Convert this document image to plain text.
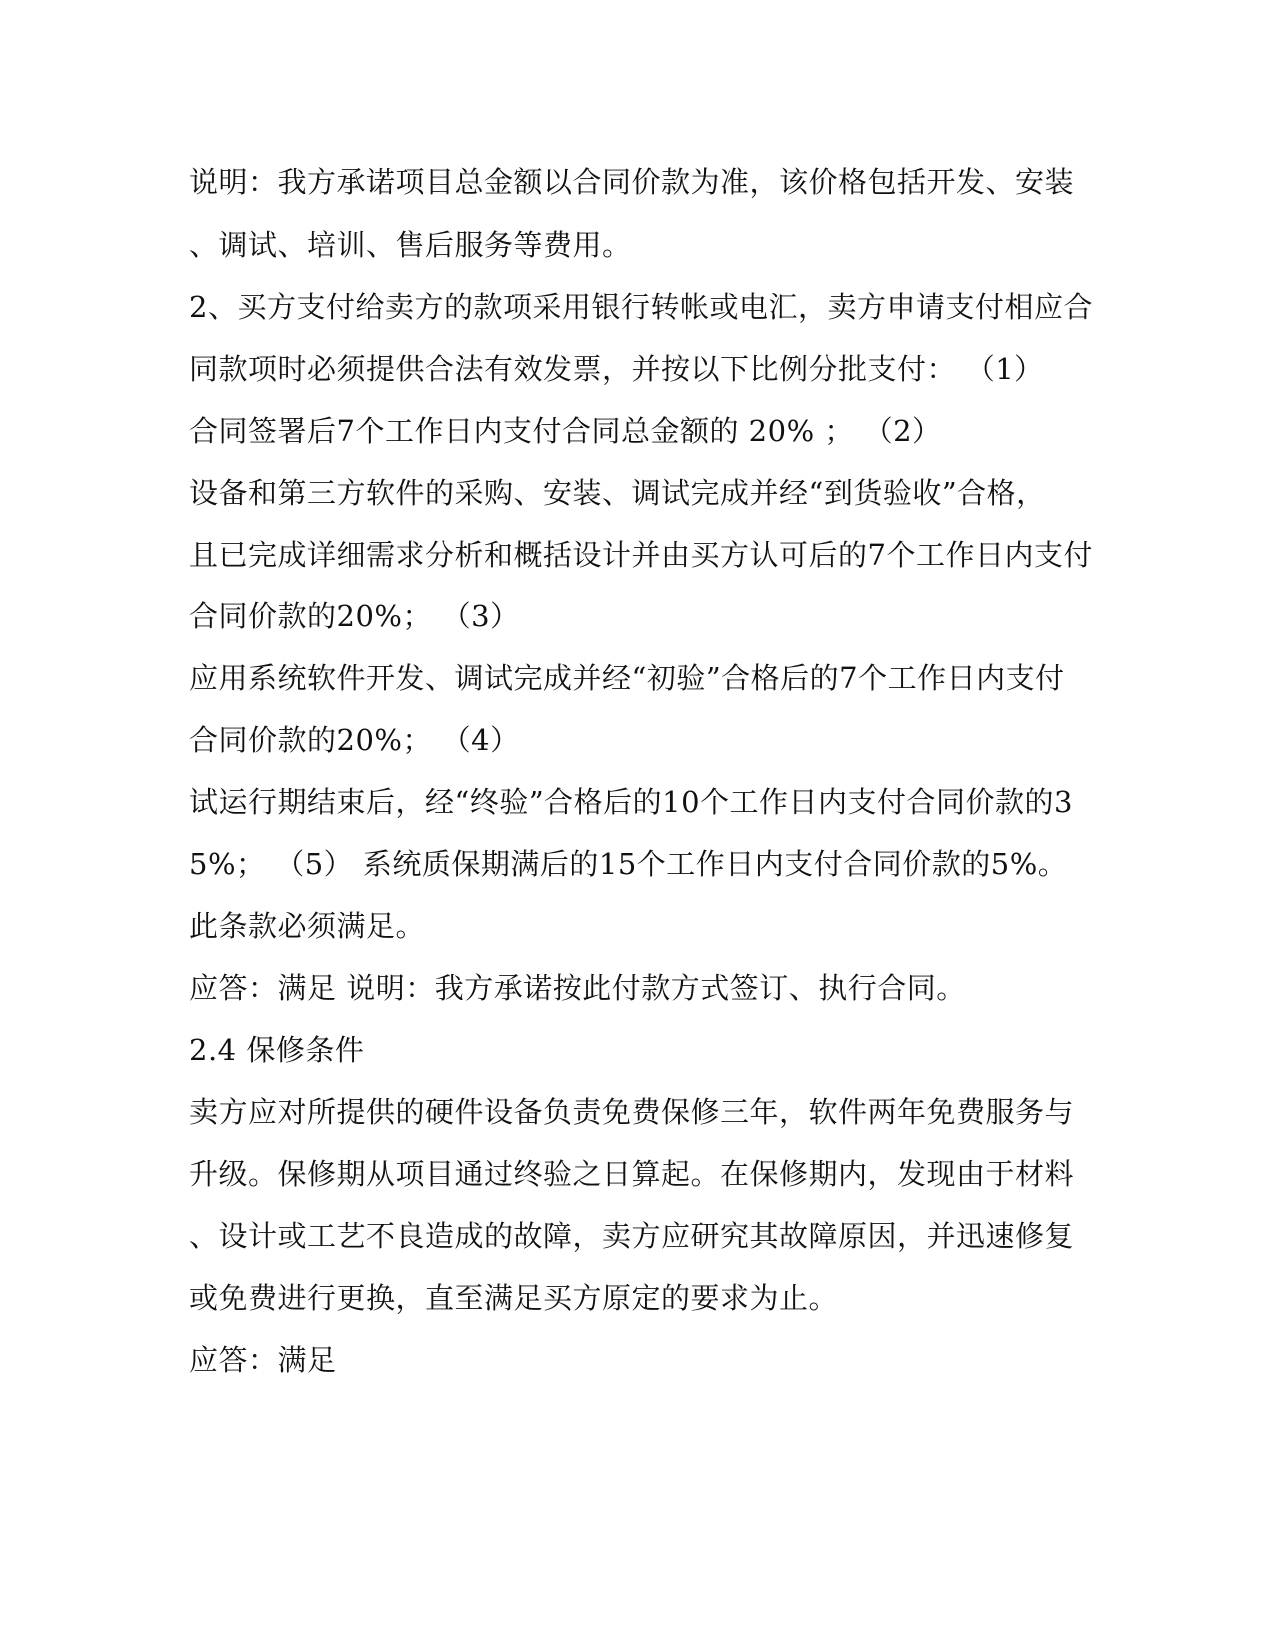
说明：我方承诺项目总金额以合同价款为准，该价格包括开发、安装
、调试、培训、售后服务等费用。
2、买方支付给卖方的款项采用银行转帐或电汇，卖方申请支付相应合
同款项时必须提供合法有效发票，并按以下比例分批支付： （1）
合同签署后7个工作日内支付合同总金额的 20% ； （2）
设备和第三方软件的采购、安装、调试完成并经“到货验收”合格，
且已完成详细需求分析和概括设计并由买方认可后的7个工作日内支付
合同价款的20%； （3）
应用系统软件开发、调试完成并经“初验”合格后的7个工作日内支付
合同价款的20%； （4）
试运行期结束后，经“终验”合格后的10个工作日内支付合同价款的3
5%； （5） 系统质保期满后的15个工作日内支付合同价款的5%。
此条款必须满足。
应答：满足 说明：我方承诺按此付款方式签订、执行合同。
2.4 保修条件
卖方应对所提供的硬件设备负责免费保修三年，软件两年免费服务与
升级。保修期从项目通过终验之日算起。在保修期内，发现由于材料
、设计或工艺不良造成的故障，卖方应研究其故障原因，并迅速修复
或免费进行更换，直至满足买方原定的要求为止。
应答：满足
